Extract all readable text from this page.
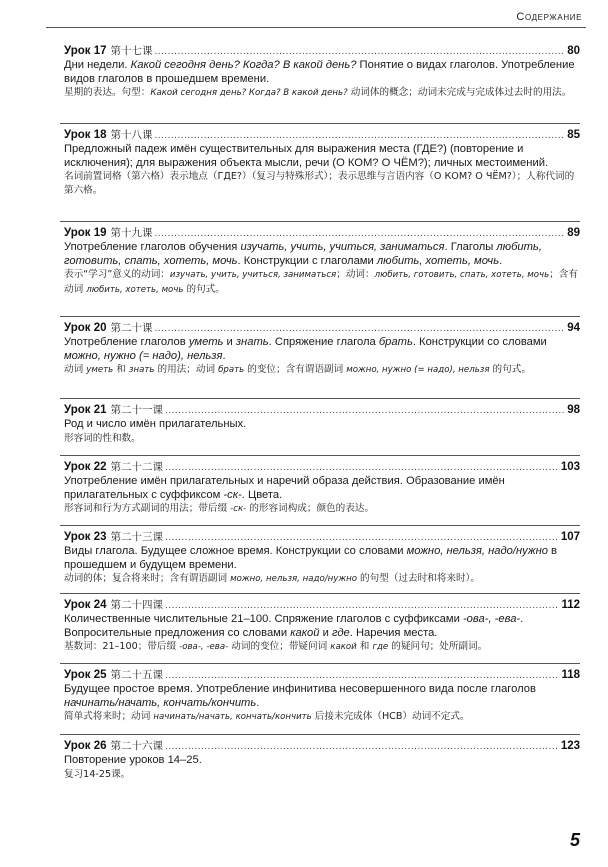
Содержание
Урок 17 第十七课 .....	80
Дни недели. Какой сегодня день? Когда? В какой день? Понятие о видах глаголов. Употребление видов глаголов в прошедшем времени.
星期的表达。句型：Какой сегодня день? Когда? В какой день? 动词体的概念；动词未完成与完成体过去时的用法。
Урок 18 第十八课 .....	85
Предложный падеж имён существительных для выражения места (ГДЕ?) (повторение и исключения); для выражения объекта мысли, речи (О КОМ? О ЧЁМ?); личных местоимений.
名词前置词格（第六格）表示地点（ГДЕ?）（复习与特殊形式）；表示思维与言语内容（О КОМ? О ЧЁМ?）；人称代词的第六格。
Урок 19 第十九课 .....	89
Употребление глаголов обучения изучать, учить, учиться, заниматься. Глаголы любить, готовить, спать, хотеть, мочь. Конструкции с глаголами любить, хотеть, мочь.
表示“学习”意义的动词：изучать, учить, учиться, заниматься；动词：любить, готовить, спать, хотеть, мочь；含有动词 любить, хотеть, мочь 的句式。
Урок 20 第二十课 .....	94
Употребление глаголов уметь и знать. Спряжение глагола брать. Конструкции со словами можно, нужно (= надо), нельзя.
动词 уметь 和 знать 的用法；动词 брать 的变位；含有谓语副词 можно, нужно (= надо), нельзя 的句式。
Урок 21 第二十一课 .....	98
Род и число имён прилагательных.
形容词的性和数。
Урок 22 第二十二课 .....	103
Употребление имён прилагательных и наречий образа действия. Образование имён прилагательных с суффиксом -ск-. Цвета.
形容词和行为方式副词的用法；带后缀 -ск- 的形容词构成；颜色的表达。
Урок 23 第二十三课 .....	107
Виды глагола. Будущее сложное время. Конструкции со словами можно, нельзя, надо/нужно в прошедшем и будущем времени.
动词的体；复合将来时；含有谓语副词 можно, нельзя, надо/нужно 的句型（过去时和将来时）。
Урок 24 第二十四课 .....	112
Количественные числительные 21–100. Спряжение глаголов с суффиксами -ова-, -ева-. Вопросительные предложения со словами какой и где. Наречия места.
基数词：21–100；带后缀 -ова-, -ева- 动词的变位；带疑问词 какой 和 где 的疑问句；处所副词。
Урок 25 第二十五课 .....	118
Будущее простое время. Употребление инфинитива несовершенного вида после глаголов начинать/начать, кончать/кончить.
简单式将来时；动词 начинать/начать, кончать/кончить 后接未完成体（НСВ）动词不定式。
Урок 26 第二十六课 .....	123
Повторение уроков 14–25.
复习14-25课。
5
